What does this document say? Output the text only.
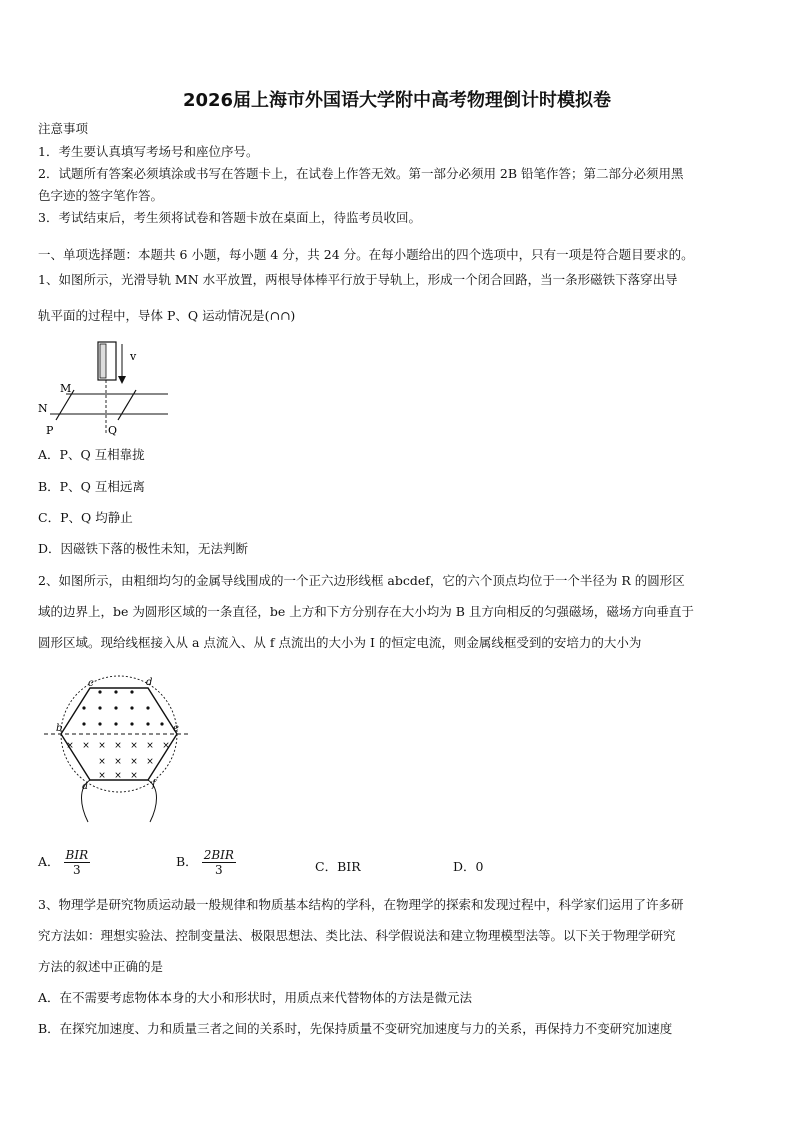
2026届上海市外国语大学附中高考物理倒计时模拟卷
注意事项
1．考生要认真填写考场号和座位序号。
2．试题所有答案必须填涂或书写在答题卡上，在试卷上作答无效。第一部分必须用 2B 铅笔作答；第二部分必须用黑
色字迹的签字笔作答。
3．考试结束后，考生须将试卷和答题卡放在桌面上，待监考员收回。
一、单项选择题：本题共 6 小题，每小题 4 分，共 24 分。在每小题给出的四个选项中，只有一项是符合题目要求的。
1、如图所示，光滑导轨 MN 水平放置，两根导体棒平行放于导轨上，形成一个闭合回路，当一条形磁铁下落穿出导
轨平面的过程中，导体 P、Q 运动情况是(∩∩)
v
M
N
P	Q
A．P、Q 互相靠拢
B．P、Q 互相远离
C．P、Q 均静止
D．因磁铁下落的极性未知，无法判断
2、如图所示，由粗细均匀的金属导线围成的一个正六边形线框 abcdef，它的六个顶点均位于一个半径为 R 的圆形区
域的边界上，be 为圆形区域的一条直径，be 上方和下方分别存在大小均为 B 且方向相反的匀强磁场，磁场方向垂直于
圆形区域。现给线框接入从 a 点流入、从 f 点流出的大小为 I 的恒定电流，则金属线框受到的安培力的大小为
× × × × × × ×
× × × ×
× × ×
c	d
b	e
a	f
A． $\frac{\text{BIR}}{3}$	B． $\frac{\text{2BIR}}{3}$	C．BIR	D．0
3、物理学是研究物质运动最一般规律和物质基本结构的学科，在物理学的探索和发现过程中，科学家们运用了许多研
究方法如：理想实验法、控制变量法、极限思想法、类比法、科学假说法和建立物理模型法等。以下关于物理学研究
方法的叙述中正确的是
A．在不需要考虑物体本身的大小和形状时，用质点来代替物体的方法是微元法
B．在探究加速度、力和质量三者之间的关系时，先保持质量不变研究加速度与力的关系，再保持力不变研究加速度
